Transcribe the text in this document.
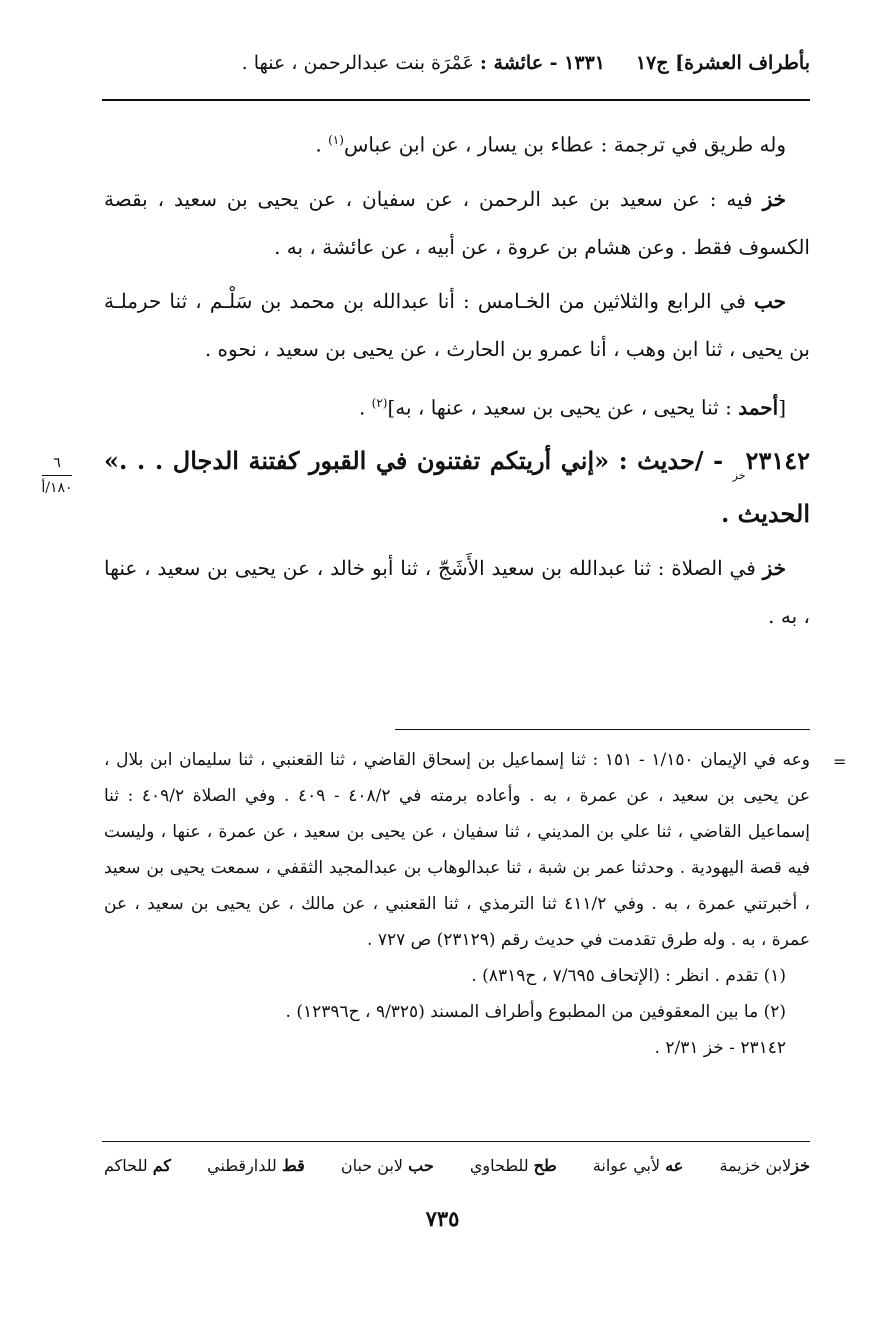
بأطراف العشرة] ج١٧
١٣٣١ - عائشة : عَمْرَة بنت عبدالرحمن ، عنها .

وله طريق في ترجمة : عطاء بن يسار ، عن ابن عباس$^{(١)}$ .

خز فيه : عن سعيد بن عبد الرحمن ، عن سفيان ، عن يحيى بن سعيد ، بقصة الكسوف فقط . وعن هشام بن عروة ، عن أبيه ، عن عائشة ، به .

حب في الرابع والثلاثين من الخـامس : أنا عبدالله بن محمد بن سَلْـم ، ثنا حرملـة بن يحيى ، ثنا ابن وهب ، أنا عمرو بن الحارث ، عن يحيى بن سعيد ، نحوه .

[أحمد : ثنا يحيى ، عن يحيى بن سعيد ، عنها ، به]$^{(٢)}$ .

$٢٣١٤٢_{خز}$ - /حديث : «إني أريتكم تفتنون في القبور كفتنة الدجال . . .» الحديث .

خز في الصلاة : ثنا عبدالله بن سعيد الأَشَجّ ، ثنا أبو خالد ، عن يحيى بن سعيد ، عنها ، به .

٦
١٨٠/أ
=

وعه في الإيمان ١/١٥٠ - ١٥١ : ثنا إسماعيل بن إسحاق القاضي ، ثنا القعنبي ، ثنا سليمان ابن بلال ، عن يحيى بن سعيد ، عن عمرة ، به . وأعاده برمته في ٤٠٨/٢ - ٤٠٩ . وفي الصلاة ٤٠٩/٢ : ثنا إسماعيل القاضي ، ثنا علي بن المديني ، ثنا سفيان ، عن يحيى بن سعيد ، عن عمرة ، عنها ، وليست فيه قصة اليهودية . وحدثنا عمر بن شبة ، ثنا عبدالوهاب بن عبدالمجيد الثقفي ، سمعت يحيى بن سعيد ، أخبرتني عمرة ، به . وفي ٤١١/٢ ثنا الترمذي ، ثنا القعنبي ، عن مالك ، عن يحيى بن سعيد ، عن عمرة ، به . وله طرق تقدمت في حديث رقم (٢٣١٢٩) ص ٧٢٧ .

(١) تقدم . انظر : (الإتحاف ٧/٦٩٥ ، ح٨٣١٩) .

(٢) ما بين المعقوفين من المطبوع وأطراف المسند (٩/٣٢٥ ، ح١٢٣٩٦) .

٢٣١٤٢ - خز ٢/٣١ .

خزلابن خزيمة
عه لأبي عوانة
طح للطحاوي
حب لابن حبان
قط للدارقطني
كم للحاكم
٧٣٥
